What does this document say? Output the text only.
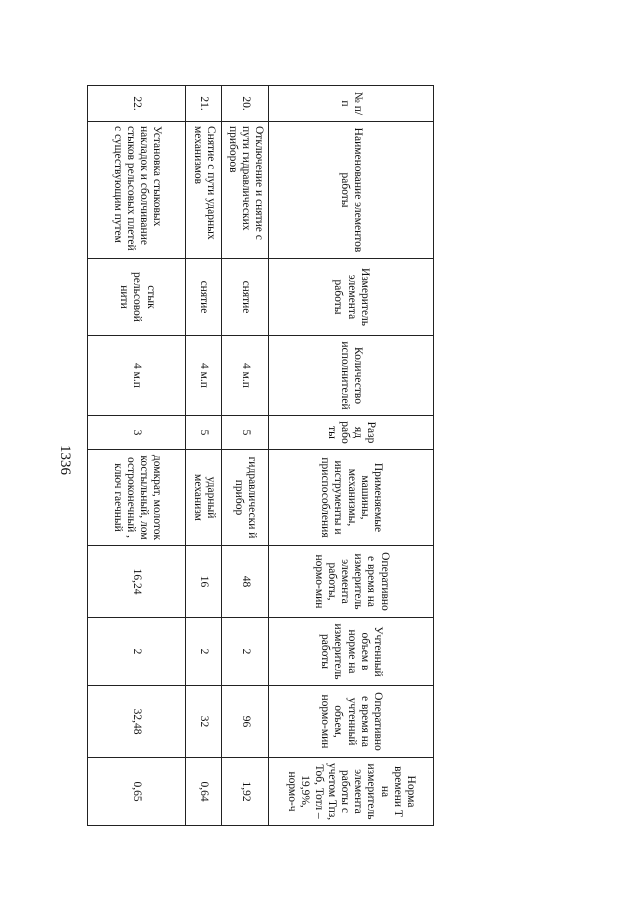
1336
№ п/п	Наименование элементов работы	Измеритель элемента работы	Количество исполнителей	Разряд работы	Применяемые машины, механизмы, инструменты и приспособления	Оперативное время на измеритель элемента работы, нормо-мин	Учтенный объем в норме на измеритель работы	Оперативное время на учтенный объем, нормо-мин	Норма времени Т на измеритель элемента работы с учетом Тпз, Тоб, Тотл – 19,9%, нормо-ч
20.	Отключение и снятие с пути гидравлических приборов	снятие	4 м.п	5	гидравлически й прибор	48	2	96	1,92
21.	Снятие с пути ударных механизмов	снятие	4 м.п	5	ударный механизм	16	2	32	0,64
22.	Установка стыковых накладок и сболчивание стыков рельсовых плетей с существующим путем	стык рельсовой нити	4 м.п	3	домкрат, молоток костыльный, лом остроконечный , ключ гаечный	16,24	2	32,48	0,65
